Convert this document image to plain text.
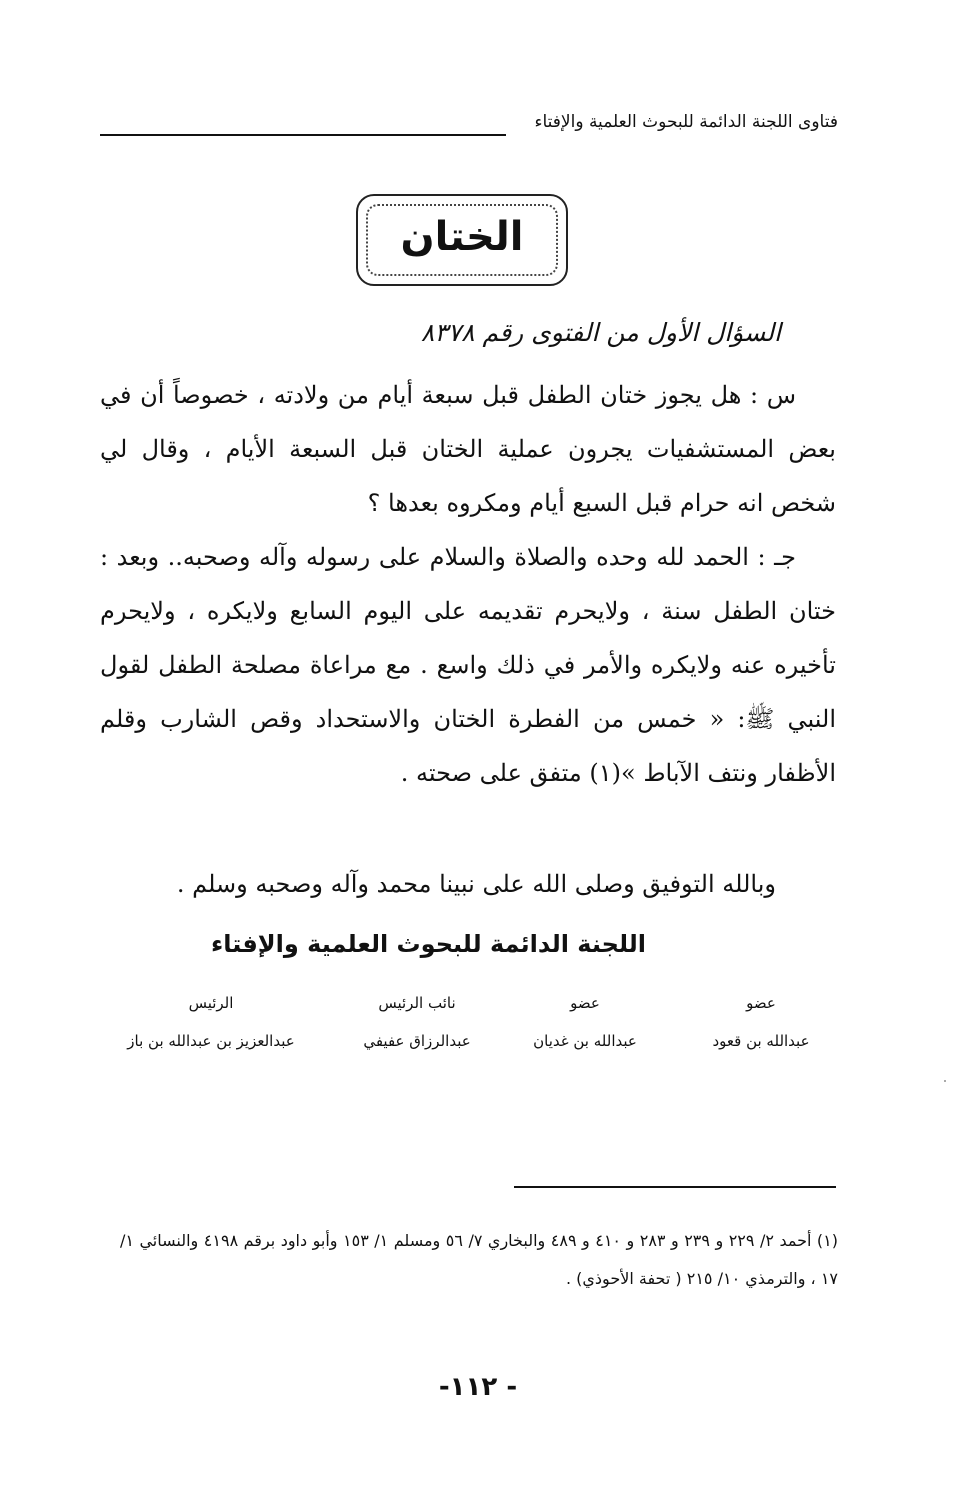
فتاوى اللجنة الدائمة للبحوث العلمية والإفتاء
الختان
السؤال الأول من الفتوى رقم ٨٣٧٨

س : هل يجوز ختان الطفل قبل سبعة أيام من ولادته ، خصوصاً أن في بعض المستشفيات يجرون عملية الختان قبل السبعة الأيام ، وقال لي شخص انه حرام قبل السبع أيام ومكروه بعدها ؟

جـ : الحمد لله وحده والصلاة والسلام على رسوله وآله وصحبه.. وبعد : ختان الطفل سنة ، ولايحرم تقديمه على اليوم السابع ولايكره ، ولايحرم تأخيره عنه ولايكره والأمر في ذلك واسع . مع مراعاة مصلحة الطفل لقول النبي ﷺ: « خمس من الفطرة الختان والاستحداد وقص الشارب وقلم الأظفار ونتف الآباط »(١) متفق على صحته .

وبالله التوفيق وصلى الله على نبينا محمد وآله وصحبه وسلم .
اللجنة الدائمة للبحوث العلمية والإفتاء
عضو
عبدالله بن قعود
عضو
عبدالله بن غديان
نائب الرئيس
عبدالرزاق عفيفي
الرئيس
عبدالعزيز بن عبدالله بن باز

(١) أحمد ٢/ ٢٢٩ و ٢٣٩ و ٢٨٣ و ٤١٠ و ٤٨٩ والبخاري ٧/ ٥٦ ومسلم ١/ ١٥٣ وأبو داود برقم ٤١٩٨ والنسائي ١/ ١٧ ، والترمذي ١٠/ ٢١٥ ( تحفة الأحوذي) .

- ١١٢-
